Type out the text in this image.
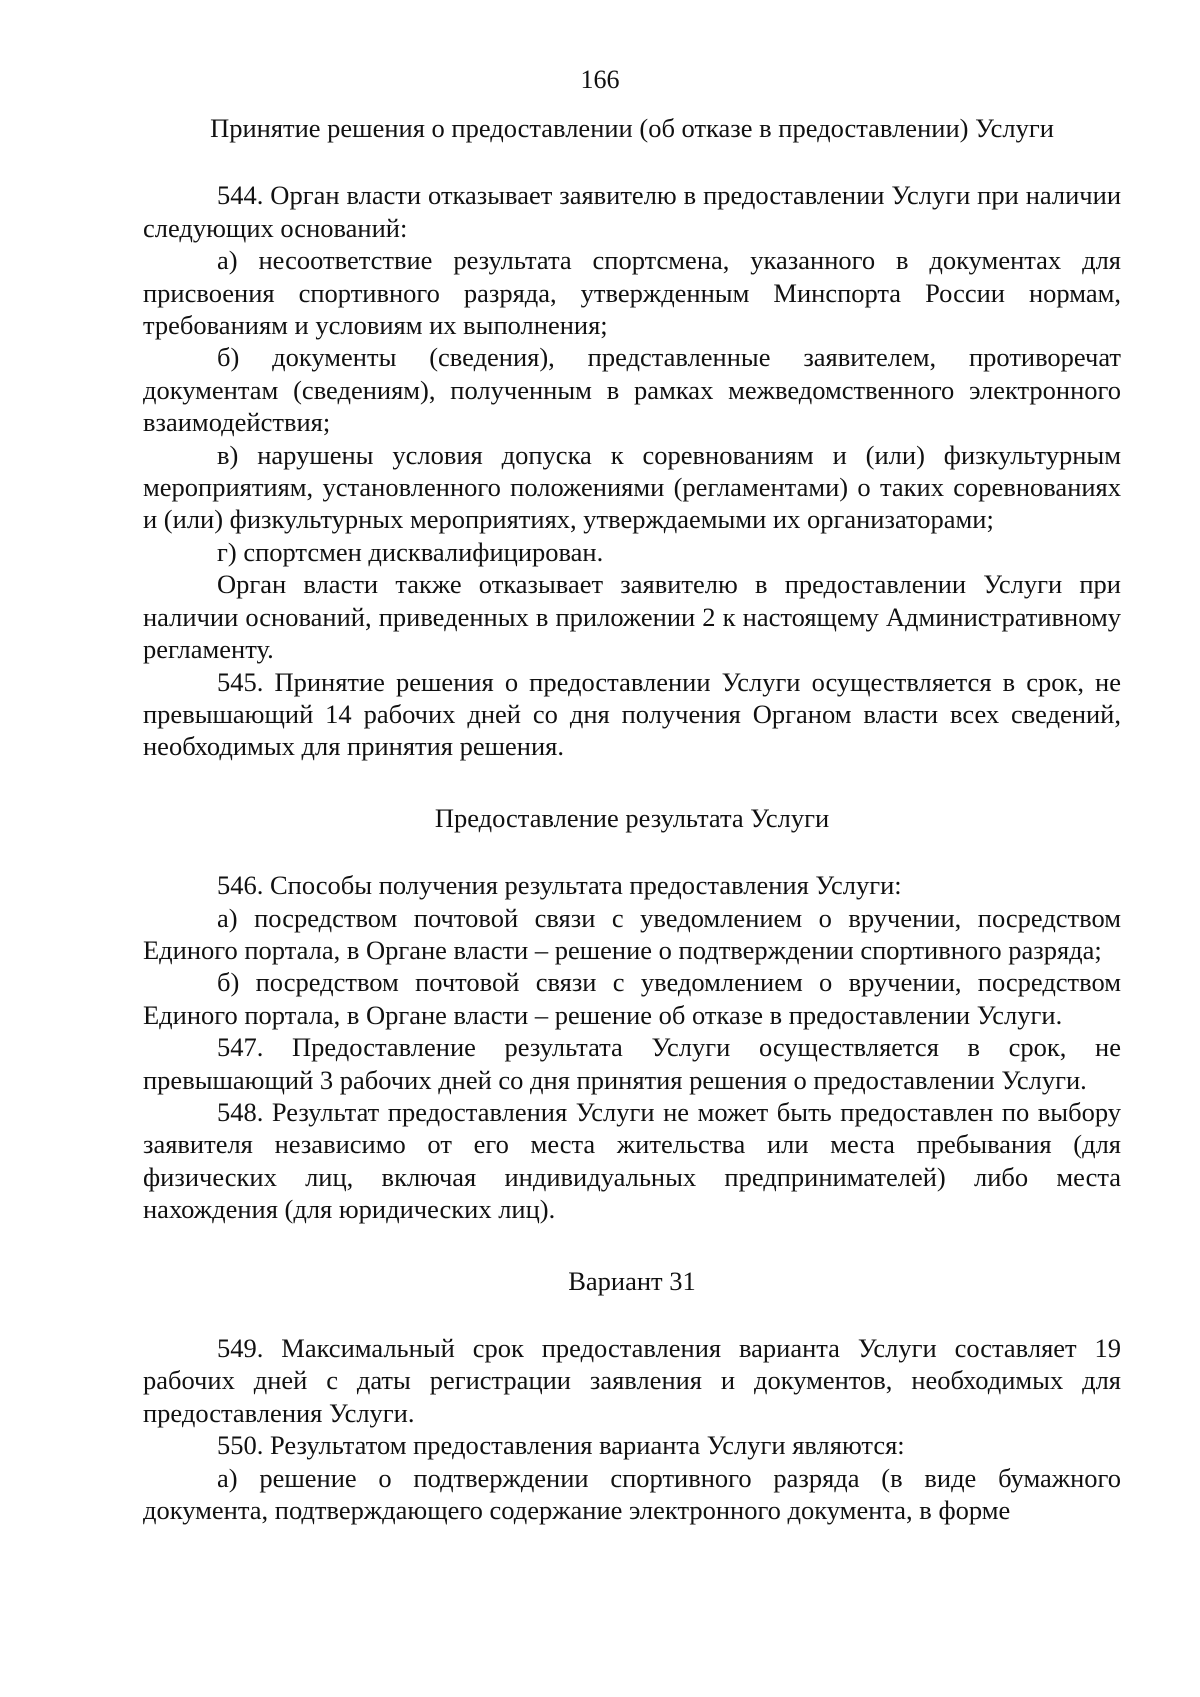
166
Принятие решения о предоставлении (об отказе в предоставлении) Услуги

544. Орган власти отказывает заявителю в предоставлении Услуги при наличии следующих оснований:

а) несоответствие результата спортсмена, указанного в документах для присвоения спортивного разряда, утвержденным Минспорта России нормам, требованиям и условиям их выполнения;

б) документы (сведения), представленные заявителем, противоречат документам (сведениям), полученным в рамках межведомственного электронного взаимодействия;

в) нарушены условия допуска к соревнованиям и (или) физкультурным мероприятиям, установленного положениями (регламентами) о таких соревнованиях и (или) физкультурных мероприятиях, утверждаемыми их организаторами;

г) спортсмен дисквалифицирован.

Орган власти также отказывает заявителю в предоставлении Услуги при наличии оснований, приведенных в приложении 2 к настоящему Административному регламенту.

545. Принятие решения о предоставлении Услуги осуществляется в срок, не превышающий 14 рабочих дней со дня получения Органом власти всех сведений, необходимых для принятия решения.

Предоставление результата Услуги

546. Способы получения результата предоставления Услуги:

а) посредством почтовой связи с уведомлением о вручении, посредством Единого портала, в Органе власти – решение о подтверждении спортивного разряда;

б) посредством почтовой связи с уведомлением о вручении, посредством Единого портала, в Органе власти – решение об отказе в предоставлении Услуги.

547. Предоставление результата Услуги осуществляется в срок, не превышающий 3 рабочих дней со дня принятия решения о предоставлении Услуги.

548. Результат предоставления Услуги не может быть предоставлен по выбору заявителя независимо от его места жительства или места пребывания (для физических лиц, включая индивидуальных предпринимателей) либо места нахождения (для юридических лиц).

Вариант 31

549. Максимальный срок предоставления варианта Услуги составляет 19 рабочих дней с даты регистрации заявления и документов, необходимых для предоставления Услуги.

550. Результатом предоставления варианта Услуги являются:

а) решение о подтверждении спортивного разряда (в виде бумажного документа, подтверждающего содержание электронного документа, в форме
